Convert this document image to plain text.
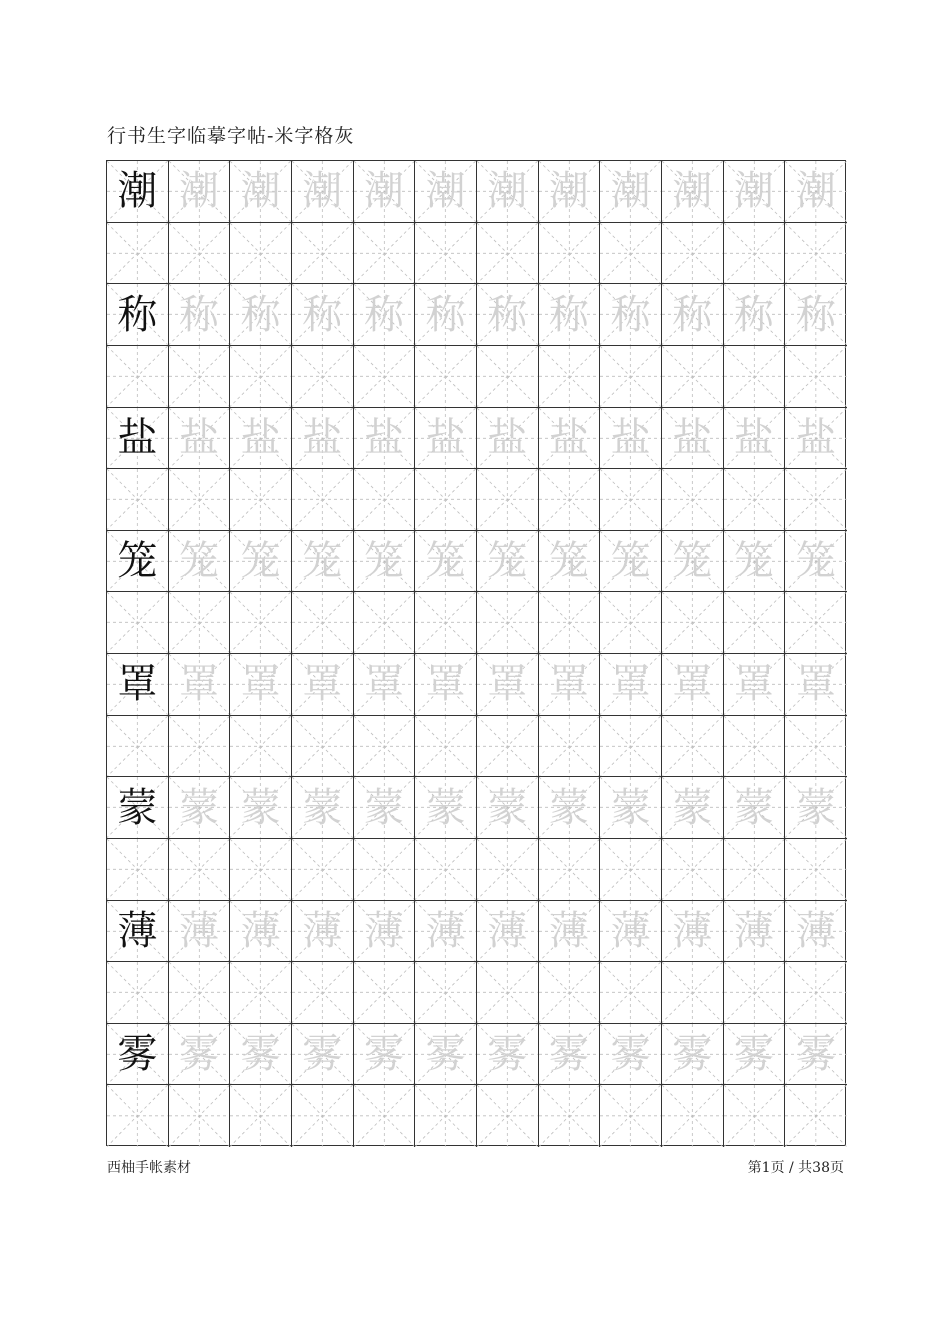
行书生字临摹字帖-米字格灰
潮 潮 潮 潮 潮 潮 潮 潮 潮 潮 潮 潮
称 称 称 称 称 称 称 称 称 称 称 称
盐 盐 盐 盐 盐 盐 盐 盐 盐 盐 盐 盐
笼 笼 笼 笼 笼 笼 笼 笼 笼 笼 笼 笼
罩 罩 罩 罩 罩 罩 罩 罩 罩 罩 罩 罩
蒙 蒙 蒙 蒙 蒙 蒙 蒙 蒙 蒙 蒙 蒙 蒙
薄 薄 薄 薄 薄 薄 薄 薄 薄 薄 薄 薄
雾 雾 雾 雾 雾 雾 雾 雾 雾 雾 雾 雾
西柚手帐素材	第1页 / 共38页
